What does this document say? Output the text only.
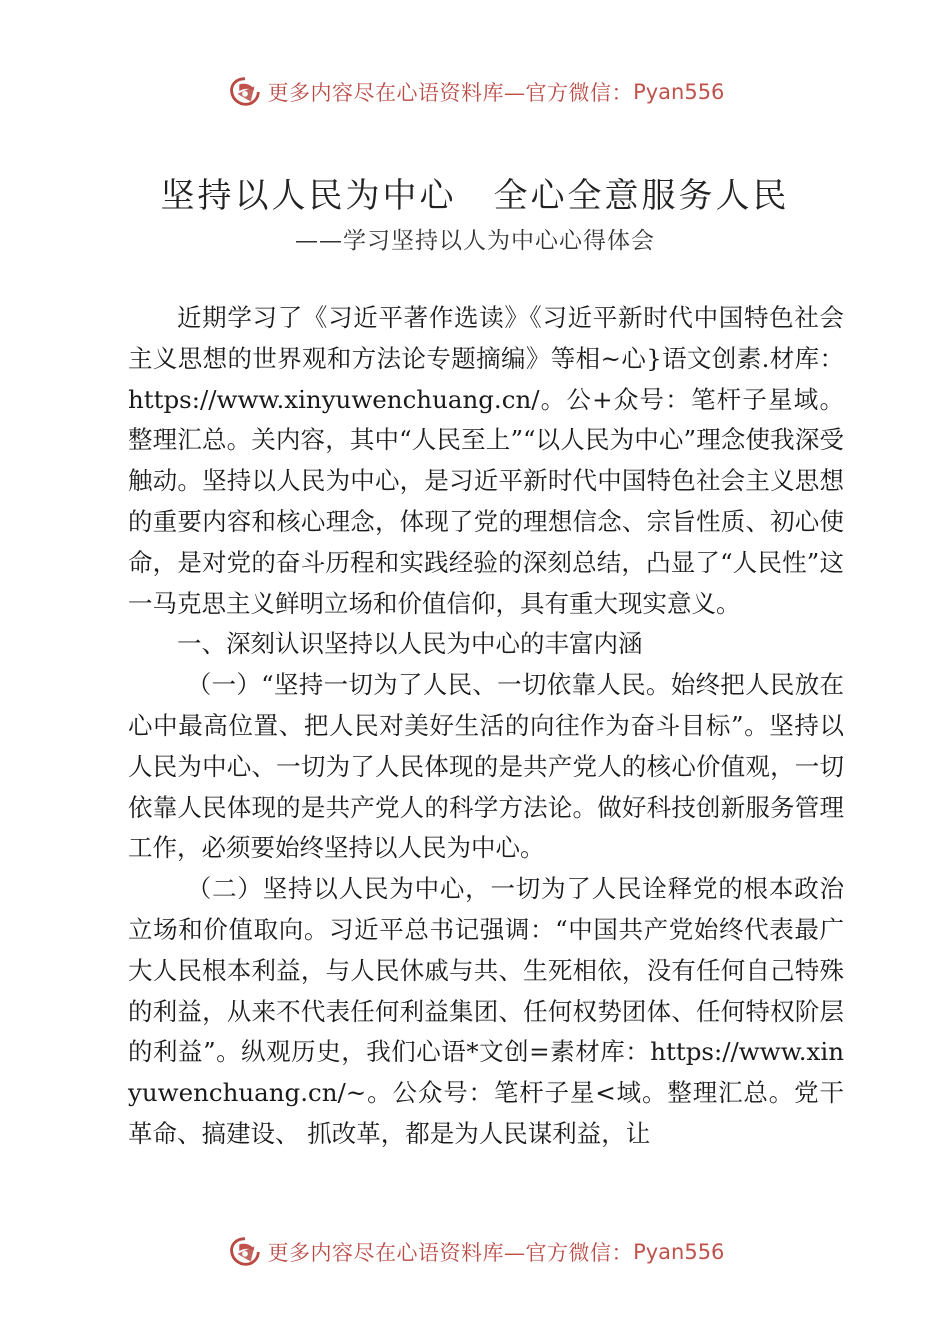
更多内容尽在心语资料库—官方微信： Pyan556
坚持以人民为中心　全心全意服务人民
——学习坚持以人为中心心得体会

近期学习了《习近平著作选读》《习近平新时代中国特色社会主义思想的世界观和方法论专题摘编》等相~心}语文创素.材库：https://www.xinyuwenchuang.cn/。公+众号：笔杆子星域。整理汇总。关内容，其中“人民至上”“以人民为中心”理念使我深受触动。坚持以人民为中心，是习近平新时代中国特色社会主义思想的重要内容和核心理念，体现了党的理想信念、宗旨性质、初心使命，是对党的奋斗历程和实践经验的深刻总结，凸显了“人民性”这一马克思主义鲜明立场和价值信仰，具有重大现实意义。

一、深刻认识坚持以人民为中心的丰富内涵

（一）“坚持一切为了人民、一切依靠人民。始终把人民放在心中最高位置、把人民对美好生活的向往作为奋斗目标”。坚持以人民为中心、一切为了人民体现的是共产党人的核心价值观，一切依靠人民体现的是共产党人的科学方法论。做好科技创新服务管理工作，必须要始终坚持以人民为中心。

（二）坚持以人民为中心，一切为了人民诠释党的根本政治立场和价值取向。习近平总书记强调：“中国共产党始终代表最广大人民根本利益，与人民休戚与共、生死相依，没有任何自己特殊的利益，从来不代表任何利益集团、任何权势团体、任何特权阶层的利益”。纵观历史，我们心语*文创=素材库：https://www.xinyuwenchuang.cn/~。公众号：笔杆子星<域。整理汇总。党干革命、搞建设、 抓改革，都是为人民谋利益，让

更多内容尽在心语资料库—官方微信： Pyan556
